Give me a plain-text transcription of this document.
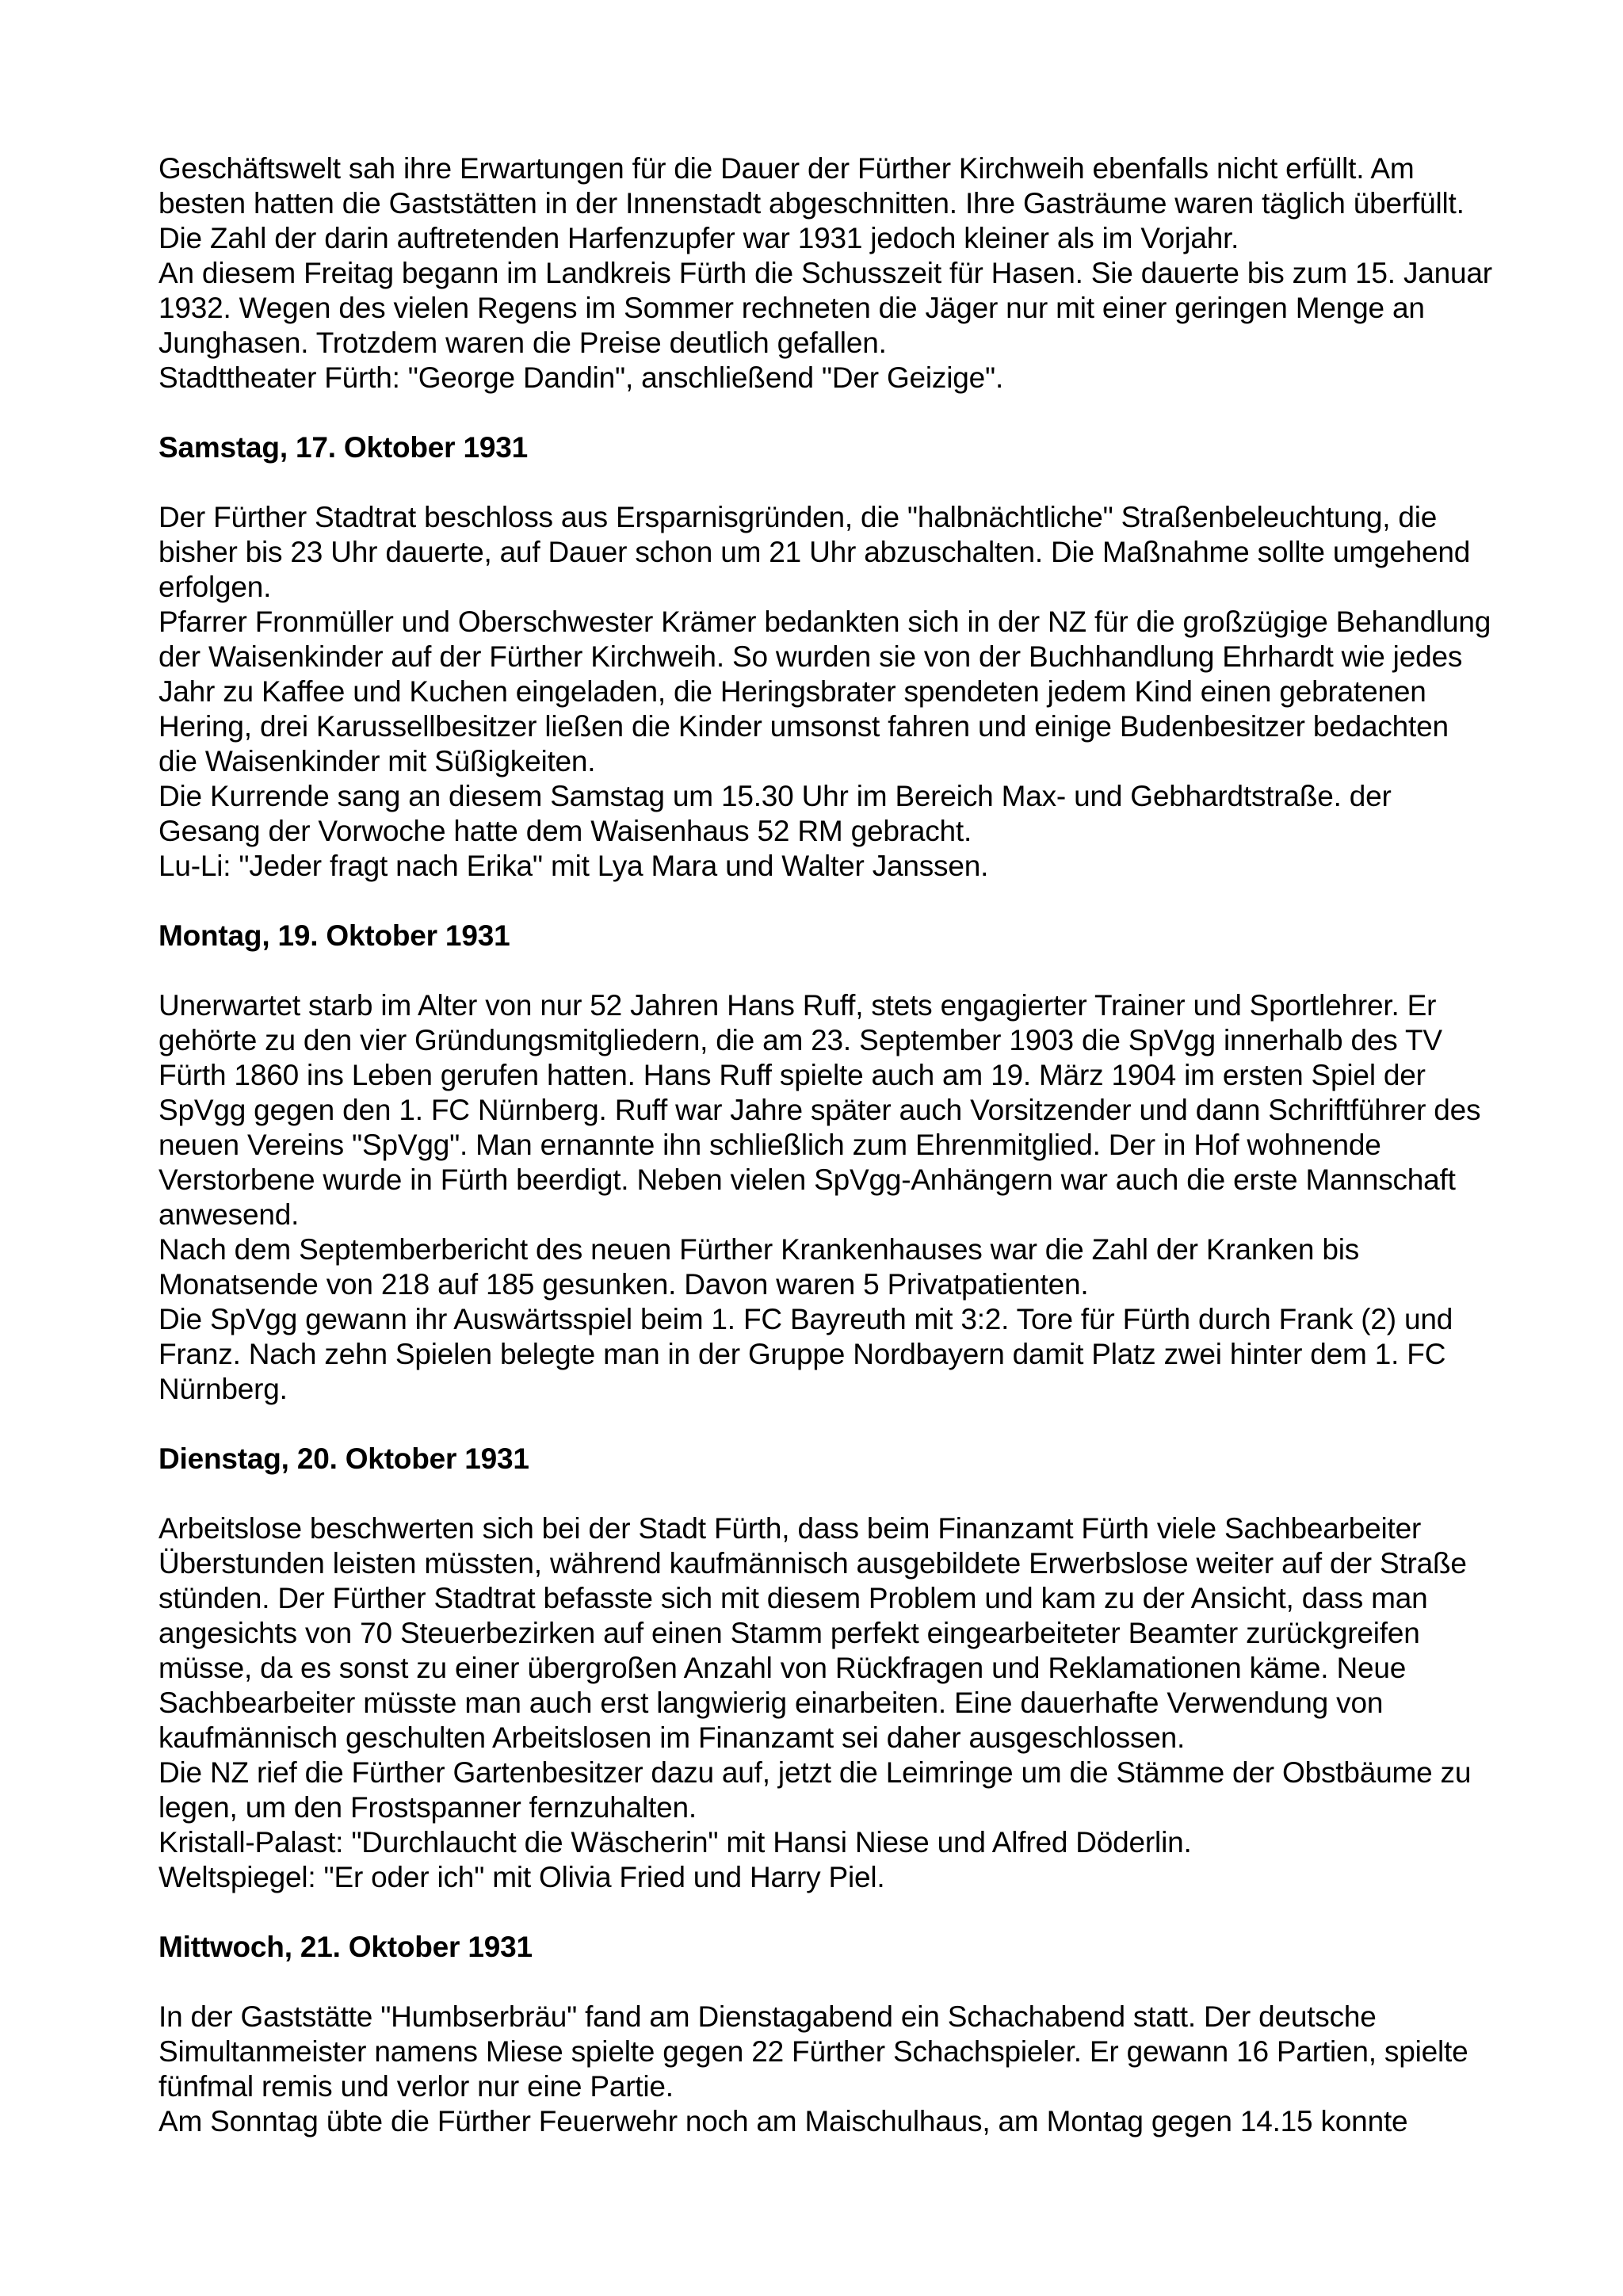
Geschäftswelt sah ihre Erwartungen für die Dauer der Fürther Kirchweih ebenfalls nicht erfüllt. Am besten hatten die Gaststätten in der Innenstadt abgeschnitten. Ihre Gasträume waren täglich überfüllt. Die Zahl der darin auftretenden Harfenzupfer war 1931 jedoch kleiner als im Vorjahr.

An diesem Freitag begann im Landkreis Fürth die Schusszeit für Hasen. Sie dauerte bis zum 15. Januar 1932. Wegen des vielen Regens im Sommer rechneten die Jäger nur mit einer geringen Menge an Junghasen. Trotzdem waren die Preise deutlich gefallen.

Stadttheater Fürth: "George Dandin", anschließend "Der Geizige".

Samstag, 17. Oktober 1931

Der Fürther Stadtrat beschloss aus Ersparnisgründen, die "halbnächtliche" Straßenbeleuchtung, die bisher bis 23 Uhr dauerte, auf Dauer schon um 21 Uhr abzuschalten. Die Maßnahme sollte umgehend erfolgen.

Pfarrer Fronmüller und Oberschwester Krämer bedankten sich in der NZ für die großzügige Behandlung der Waisenkinder auf der Fürther Kirchweih. So wurden sie von der Buchhandlung Ehrhardt wie jedes Jahr zu Kaffee und Kuchen eingeladen, die Heringsbrater spendeten jedem Kind einen gebratenen Hering, drei Karussellbesitzer ließen die Kinder umsonst fahren und einige Budenbesitzer bedachten die Waisenkinder mit Süßigkeiten.

Die Kurrende sang an diesem Samstag um 15.30 Uhr im Bereich Max- und Gebhardtstraße. der Gesang der Vorwoche hatte dem Waisenhaus 52 RM gebracht.

Lu-Li: "Jeder fragt nach Erika" mit Lya Mara und Walter Janssen.

Montag, 19. Oktober 1931

Unerwartet starb im Alter von nur 52 Jahren Hans Ruff, stets engagierter Trainer und Sportlehrer. Er gehörte zu den vier Gründungsmitgliedern, die am 23. September 1903 die SpVgg innerhalb des TV Fürth 1860 ins Leben gerufen hatten. Hans Ruff spielte auch am 19. März 1904 im ersten Spiel der SpVgg gegen den 1. FC Nürnberg. Ruff war Jahre später auch Vorsitzender und dann Schriftführer des neuen Vereins "SpVgg". Man ernannte ihn schließlich zum Ehrenmitglied. Der in Hof wohnende Verstorbene wurde in Fürth beerdigt. Neben vielen SpVgg-Anhängern war auch die erste Mannschaft anwesend.

Nach dem Septemberbericht des neuen Fürther Krankenhauses war die Zahl der Kranken bis Monatsende von 218 auf 185 gesunken. Davon waren 5 Privatpatienten.

Die SpVgg gewann ihr Auswärtsspiel beim 1. FC Bayreuth mit 3:2. Tore für Fürth durch Frank (2) und Franz. Nach zehn Spielen belegte man in der Gruppe Nordbayern damit Platz zwei hinter dem 1. FC Nürnberg.

Dienstag, 20. Oktober 1931

Arbeitslose beschwerten sich bei der Stadt Fürth, dass beim Finanzamt Fürth viele Sachbearbeiter Überstunden leisten müssten, während kaufmännisch ausgebildete Erwerbslose weiter auf der Straße stünden. Der Fürther Stadtrat befasste sich mit diesem Problem und kam zu der Ansicht, dass man angesichts von 70 Steuerbezirken auf einen Stamm perfekt eingearbeiteter Beamter zurückgreifen müsse, da es sonst zu einer übergroßen Anzahl von Rückfragen und Reklamationen käme. Neue Sachbearbeiter müsste man auch erst langwierig einarbeiten. Eine dauerhafte Verwendung von kaufmännisch geschulten Arbeitslosen im Finanzamt sei daher ausgeschlossen.

Die NZ rief die Fürther Gartenbesitzer dazu auf, jetzt die Leimringe um die Stämme der Obstbäume zu legen, um den Frostspanner fernzuhalten.

Kristall-Palast: "Durchlaucht die Wäscherin" mit Hansi Niese und Alfred Döderlin.

Weltspiegel: "Er oder ich" mit Olivia Fried und Harry Piel.

Mittwoch, 21. Oktober 1931

In der Gaststätte "Humbserbräu" fand am Dienstagabend ein Schachabend statt. Der deutsche Simultanmeister namens Miese spielte gegen 22 Fürther Schachspieler. Er gewann 16 Partien, spielte fünfmal remis und verlor nur eine Partie.

Am Sonntag übte die Fürther Feuerwehr noch am Maischulhaus, am Montag gegen 14.15 konnte
